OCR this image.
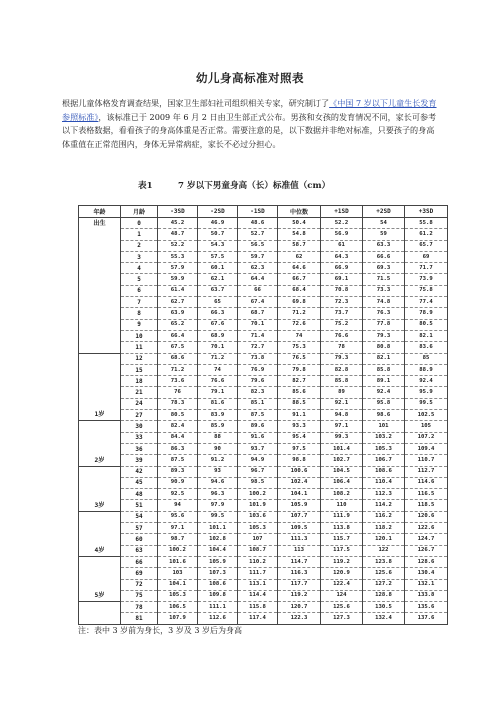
幼儿身高标准对照表
根据儿童体格发育调查结果，国家卫生部妇社司组织相关专家，研究制订了《中国 7 岁以下儿童生长发育参照标准》，该标准已于 2009 年 6 月 2 日由卫生部正式公布。男孩和女孩的发育情况不同，家长可参考以下表格数据，看看孩子的身高体重是否正常。需要注意的是，以下数据并非绝对标准，只要孩子的身高体重值在正常范围内，身体无异常病症，家长不必过分担心。
表1	7 岁以下男童身高（长）标准值（cm）
年龄	月龄	-3SD	-2SD	-1SD	中位数	+1SD	+2SD	+3SD
出生	0	45.2	46.9	48.6	50.4	52.2	54	55.8
	1	48.7	50.7	52.7	54.8	56.9	59	61.2
	2	52.2	54.3	56.5	58.7	61	63.3	65.7
	3	55.3	57.5	59.7	62	64.3	66.6	69
	4	57.9	60.1	62.3	64.6	66.9	69.3	71.7
	5	59.9	62.1	64.4	66.7	69.1	71.5	73.9
	6	61.4	63.7	66	68.4	70.8	73.3	75.8
	7	62.7	65	67.4	69.8	72.3	74.8	77.4
	8	63.9	66.3	68.7	71.2	73.7	76.3	78.9
	9	65.2	67.6	70.1	72.6	75.2	77.8	80.5
	10	66.4	68.9	71.4	74	76.6	79.3	82.1
	11	67.5	70.1	72.7	75.3	78	80.8	83.6
	12	68.6	71.2	73.8	76.5	79.3	82.1	85
	15	71.2	74	76.9	79.8	82.8	85.8	88.9
	18	73.6	76.6	79.6	82.7	85.8	89.1	92.4
	21	76	79.1	82.3	85.6	89	92.4	95.9
	24	78.3	81.6	85.1	88.5	92.1	95.8	99.5
1岁	27	80.5	83.9	87.5	91.1	94.8	98.6	102.5
	30	82.4	85.9	89.6	93.3	97.1	101	105
	33	84.4	88	91.6	95.4	99.3	103.2	107.2
	36	86.3	90	93.7	97.5	101.4	105.3	109.4
2岁	39	87.5	91.2	94.9	98.8	102.7	106.7	110.7
	42	89.3	93	96.7	100.6	104.5	108.6	112.7
	45	90.9	94.6	98.5	102.4	106.4	110.4	114.6
	48	92.5	96.3	100.2	104.1	108.2	112.3	116.5
3岁	51	94	97.9	101.9	105.9	110	114.2	118.5
	54	95.6	99.5	103.6	107.7	111.9	116.2	120.6
	57	97.1	101.1	105.3	109.5	113.8	118.2	122.6
	60	98.7	102.8	107	111.3	115.7	120.1	124.7
4岁	63	100.2	104.4	108.7	113	117.5	122	126.7
	66	101.6	105.9	110.2	114.7	119.2	123.8	128.6
	69	103	107.3	111.7	116.3	120.9	125.6	130.4
	72	104.1	108.6	113.1	117.7	122.4	127.2	132.1
5岁	75	105.3	109.8	114.4	119.2	124	128.8	133.8
	78	106.5	111.1	115.8	120.7	125.6	130.5	135.6
	81	107.9	112.6	117.4	122.3	127.3	132.4	137.6
注：表中 3 岁前为身长，3 岁及 3 岁后为身高
